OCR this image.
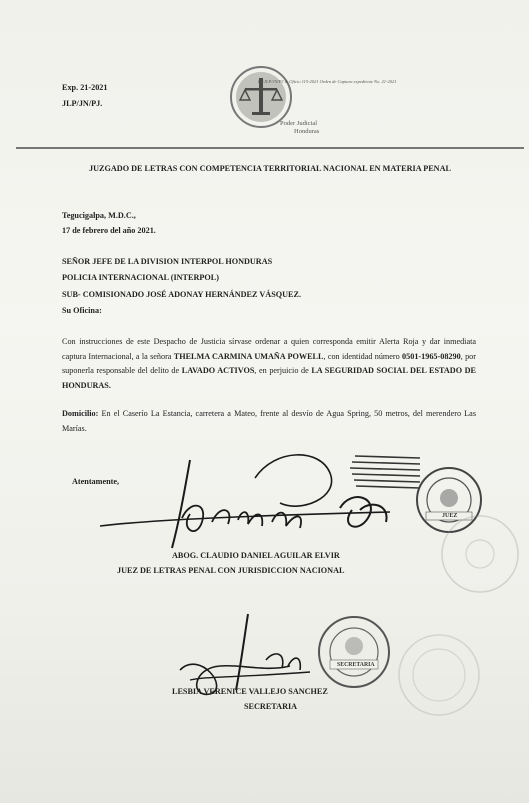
Exp. 21-2021
JLP/JN/PJ.
PJ/JLP/JN/PJ & Oficio 115-2021 Orden de Captura expediente No. 21-2021
Poder Judicial
Honduras
JUZGADO DE LETRAS CON COMPETENCIA TERRITORIAL NACIONAL EN MATERIA PENAL
Tegucigalpa, M.D.C.,
17 de febrero del año 2021.
SEÑOR JEFE DE LA DIVISION INTERPOL HONDURAS
POLICIA INTERNACIONAL (INTERPOL)
SUB- COMISIONADO JOSÉ ADONAY HERNÁNDEZ VÁSQUEZ.
Su Oficina:
Con instrucciones de este Despacho de Justicia sírvase ordenar a quien corresponda emitir Alerta Roja y dar inmediata captura Internacional, a la señora THELMA CARMINA UMAÑA POWELL, con identidad número 0501-1965-08290, por suponerla responsable del delito de LAVADO ACTIVOS, en perjuicio de LA SEGURIDAD SOCIAL DEL ESTADO DE HONDURAS.
Domicilio: En el Caserío La Estancia, carretera a Mateo, frente al desvío de Agua Spring, 50 metros, del merendero Las Marías.
Atentamente,
JUEZ
ABOG. CLAUDIO DANIEL AGUILAR ELVIR
JUEZ DE LETRAS PENAL CON JURISDICCION NACIONAL
SECRETARIA
LESBIA VERENICE VALLEJO SANCHEZ
SECRETARIA
